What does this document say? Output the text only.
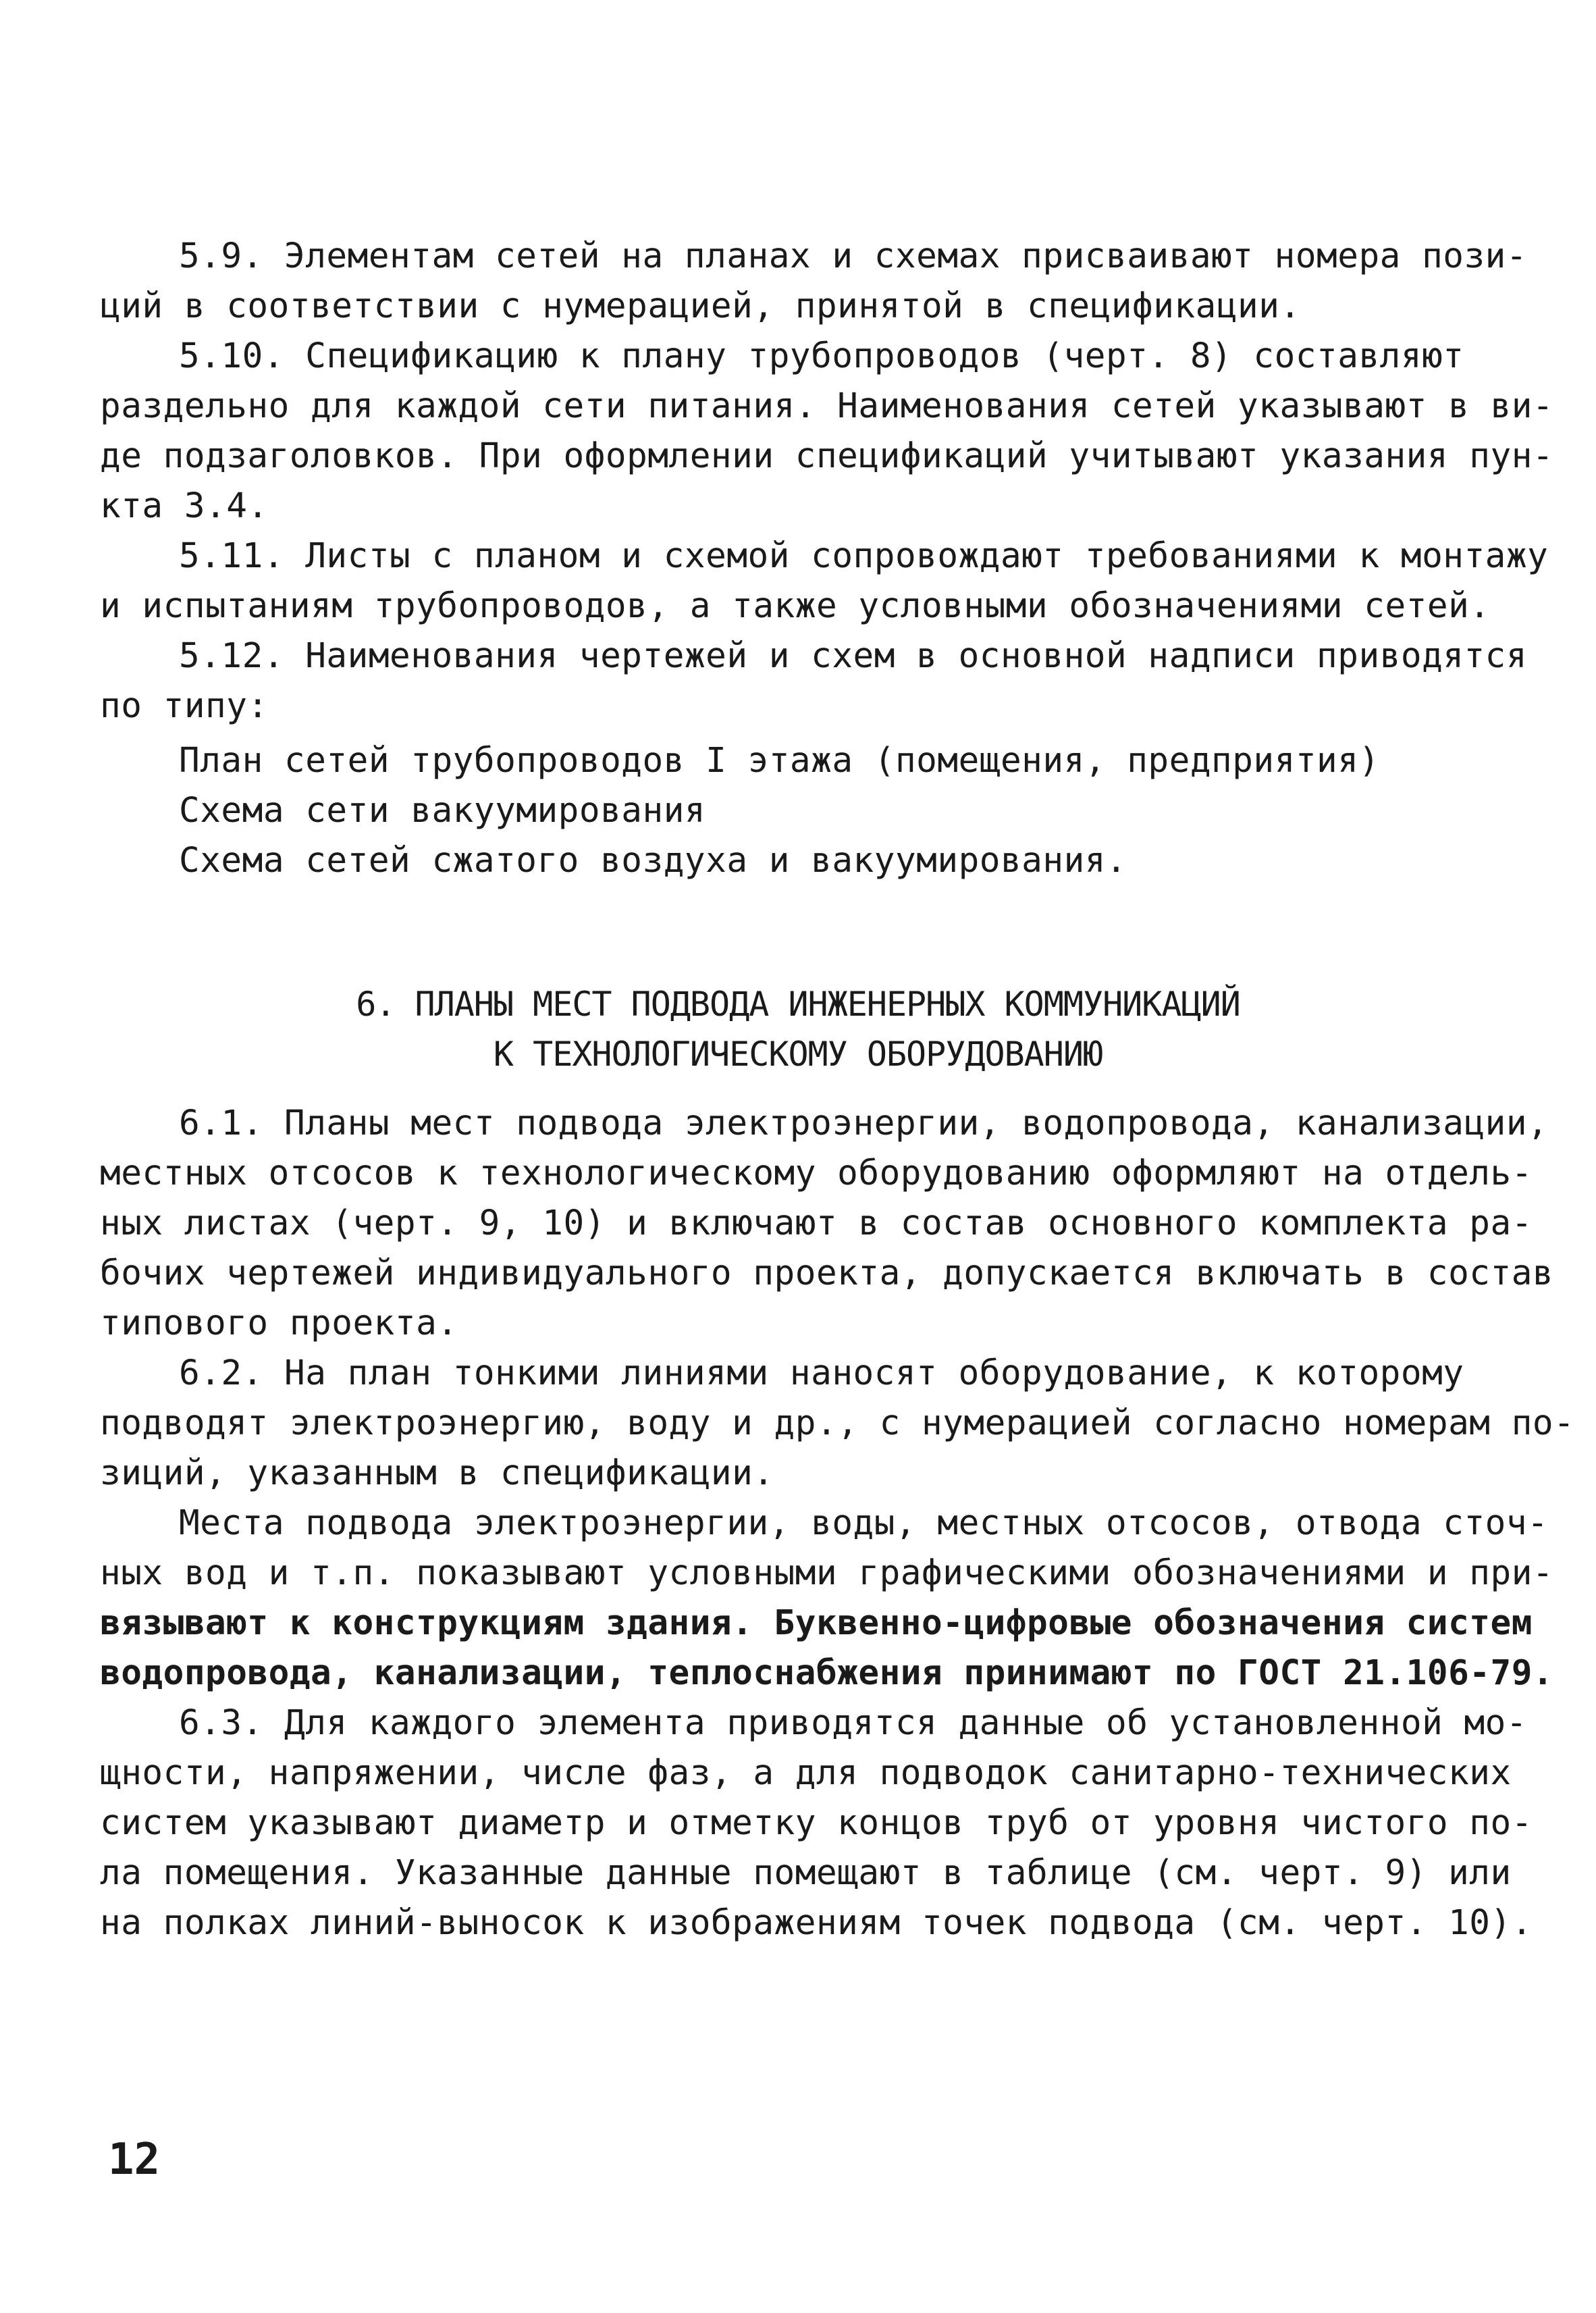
5.9. Элементам сетей на планах и схемах присваивают номера пози-
ций в соответствии с нумерацией, принятой в спецификации.
5.10. Спецификацию к плану трубопроводов (черт. 8) составляют
раздельно для каждой сети питания. Наименования сетей указывают в ви-
де подзаголовков. При оформлении спецификаций учитывают указания пун-
кта 3.4.
5.11. Листы с планом и схемой сопровождают требованиями к монтажу
и испытаниям трубопроводов, а также условными обозначениями сетей.
5.12. Наименования чертежей и схем в основной надписи приводятся
по типу:
План сетей трубопроводов I этажа (помещения, предприятия)
Схема сети вакуумирования
Схема сетей сжатого воздуха и вакуумирования.
6. ПЛАНЫ МЕСТ ПОДВОДА ИНЖЕНЕРНЫХ КОММУНИКАЦИЙ
К ТЕХНОЛОГИЧЕСКОМУ ОБОРУДОВАНИЮ
6.1. Планы мест подвода электроэнергии, водопровода, канализации,
местных отсосов к технологическому оборудованию оформляют на отдель-
ных листах (черт. 9, 10) и включают в состав основного комплекта ра-
бочих чертежей индивидуального проекта, допускается включать в состав
типового проекта.
6.2. На план тонкими линиями наносят оборудование, к которому
подводят электроэнергию, воду и др., с нумерацией согласно номерам по-
зиций, указанным в спецификации.
Места подвода электроэнергии, воды, местных отсосов, отвода сточ-
ных вод и т.п. показывают условными графическими обозначениями и при-
вязывают к конструкциям здания. Буквенно-цифровые обозначения систем
водопровода, канализации, теплоснабжения принимают по ГОСТ 21.106-79.
6.3. Для каждого элемента приводятся данные об установленной мо-
щности, напряжении, числе фаз, а для подводок санитарно-технических
систем указывают диаметр и отметку концов труб от уровня чистого по-
ла помещения. Указанные данные помещают в таблице (см. черт. 9) или
на полках линий-выносок к изображениям точек подвода (см. черт. 10).
12
